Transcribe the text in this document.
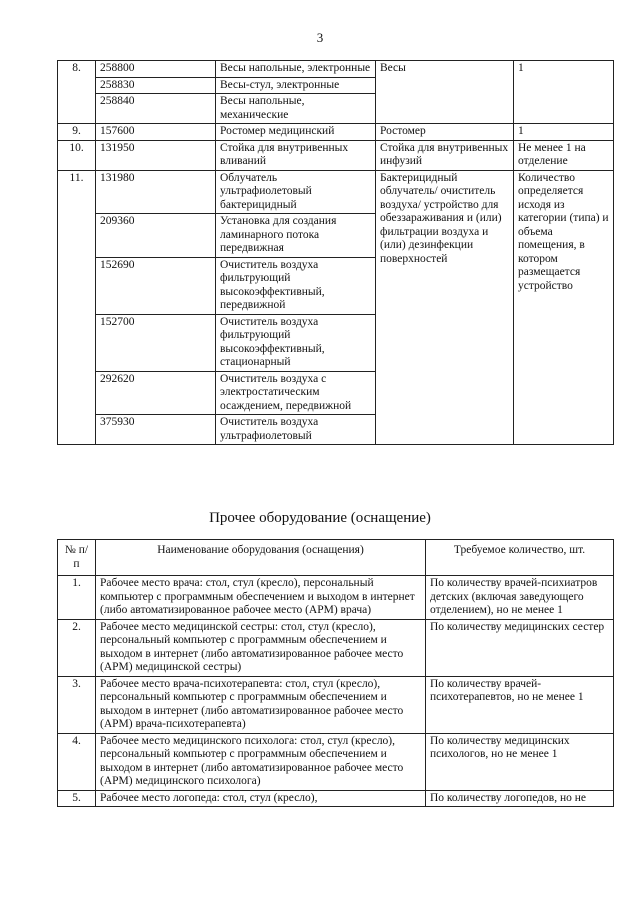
3
8.	258800	Весы напольные, электронные	Весы	1
	258830	Весы-стул, электронные		
	258840	Весы напольные, механические		
9.	157600	Ростомер медицинский	Ростомер	1
10.	131950	Стойка для внутривенных вливаний	Стойка для внутривенных инфузий	Не менее 1 на отделение
11.	131980	Облучатель ультрафиолетовый бактерицидный	Бактерицидный облучатель/ очиститель воздуха/ устройство для обеззараживания и (или) фильтрации воздуха и (или) дезинфекции поверхностей	Количество определяется исходя из категории (типа) и объема помещения, в котором размещается устройство
	209360	Установка для создания ламинарного потока передвижная		
	152690	Очиститель воздуха фильтрующий высокоэффективный, передвижной		
	152700	Очиститель воздуха фильтрующий высокоэффективный, стационарный		
	292620	Очиститель воздуха с электростатическим осаждением, передвижной		
	375930	Очиститель воздуха ультрафиолетовый		
Прочее оборудование (оснащение)
№ п/п	Наименование оборудования (оснащения)	Требуемое количество, шт.
1.	Рабочее место врача: стол, стул (кресло), персональный компьютер с программным обеспечением и выходом в интернет (либо автоматизированное рабочее место (АРМ) врача)	По количеству врачей-психиатров детских (включая заведующего отделением), но не менее 1
2.	Рабочее место медицинской сестры: стол, стул (кресло), персональный компьютер с программным обеспечением и выходом в интернет (либо автоматизированное рабочее место (АРМ) медицинской сестры)	По количеству медицинских сестер
3.	Рабочее место врача-психотерапевта: стол, стул (кресло), персональный компьютер с программным обеспечением и выходом в интернет (либо автоматизированное рабочее место (АРМ) врача-психотерапевта)	По количеству врачей-психотерапевтов, но не менее 1
4.	Рабочее место медицинского психолога: стол, стул (кресло), персональный компьютер с программным обеспечением и выходом в интернет (либо автоматизированное рабочее место (АРМ) медицинского психолога)	По количеству медицинских психологов, но не менее 1
5.	Рабочее место логопеда: стол, стул (кресло),	По количеству логопедов, но не
